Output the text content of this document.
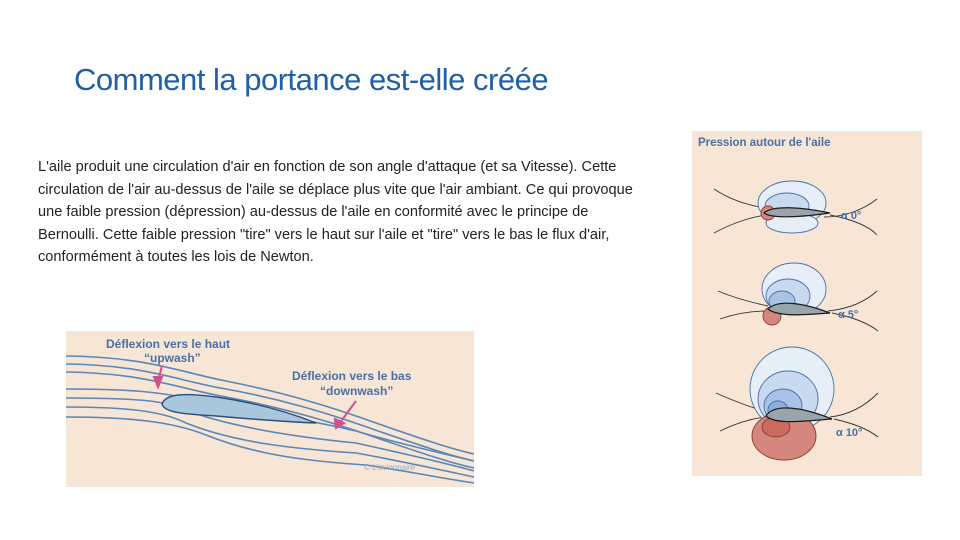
Comment la portance est-elle créée
L'aile produit une circulation d'air en fonction de son angle d'attaque (et sa Vitesse). Cette circulation de l'air au-dessus de l'aile se déplace plus vite que l'air ambiant. Ce qui provoque une faible pression (dépression) au-dessus de l'aile en conformité avec le principe de Bernoulli. Cette faible pression "tire" vers le haut sur l'aile et "tire" vers le bas le flux d'air, conformément à toutes les lois de Newton.
Déflexion vers le haut
“upwash”
Déflexion vers le bas
“downwash”
© L'avionnaire
Pression autour de l'aile
α 0°
α 5°
α 10°
